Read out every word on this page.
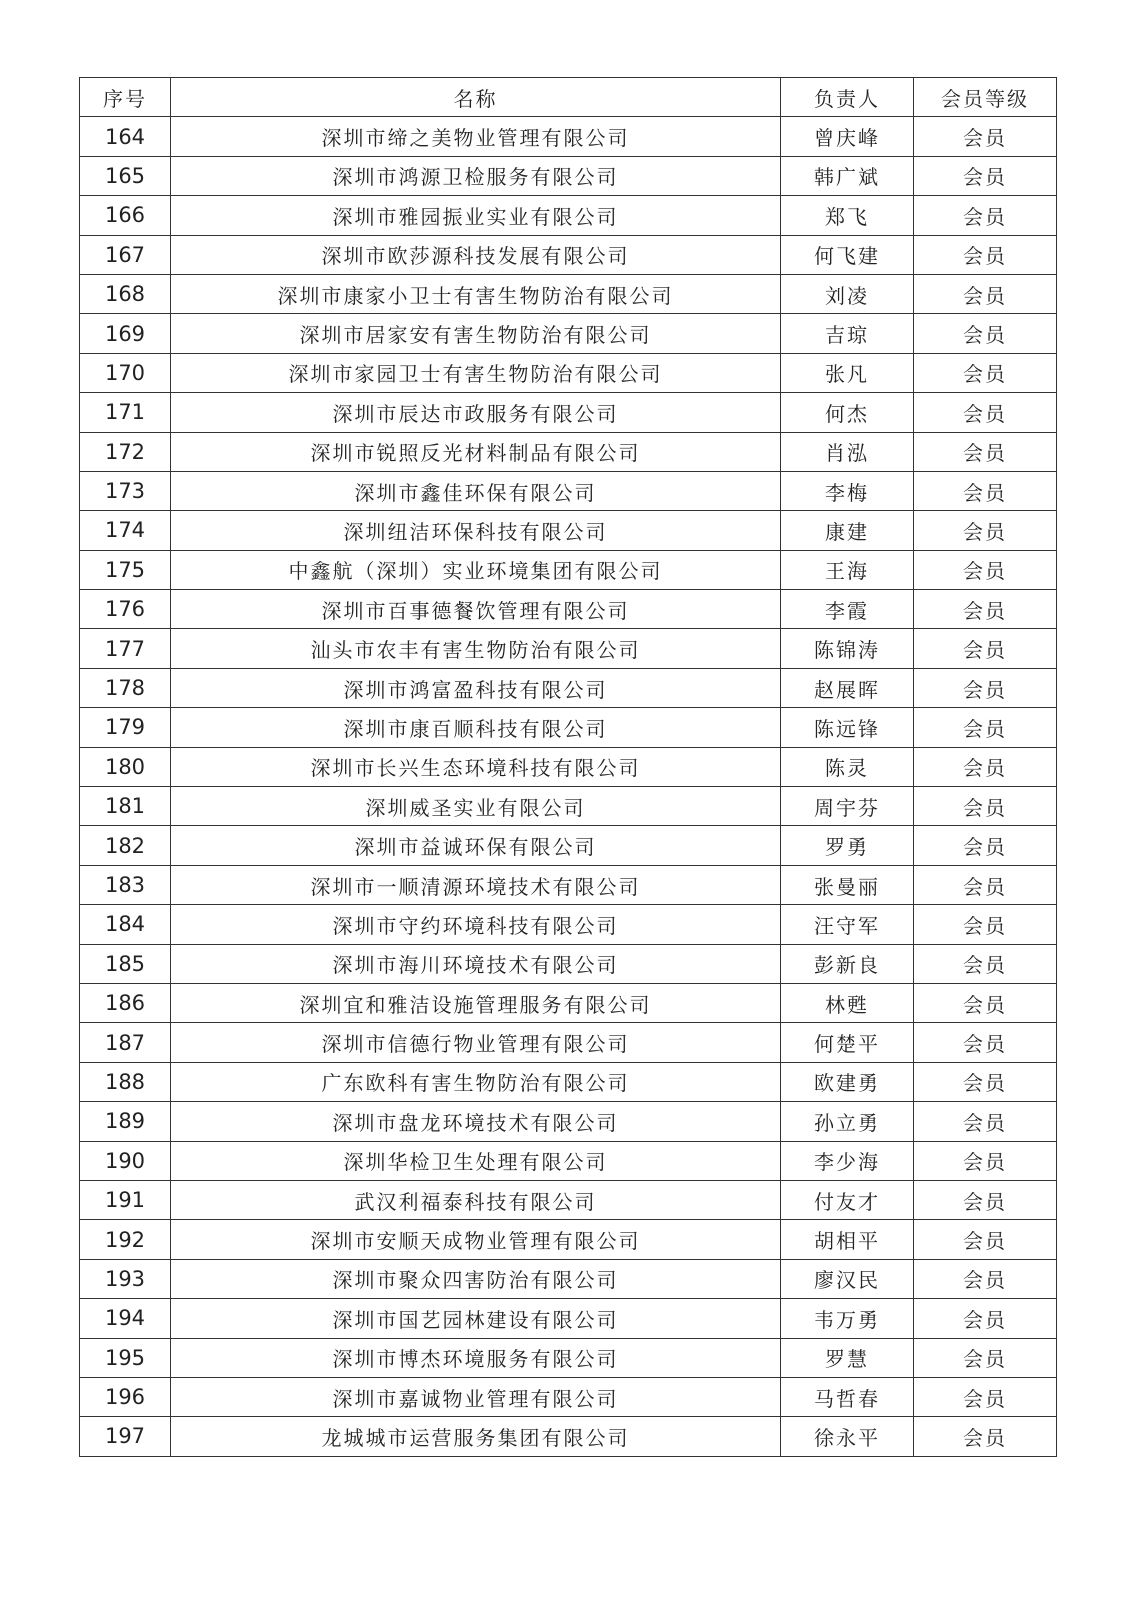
序号	名称	负责人	会员等级
164	深圳市缔之美物业管理有限公司	曾庆峰	会员
165	深圳市鸿源卫检服务有限公司	韩广斌	会员
166	深圳市雅园振业实业有限公司	郑飞	会员
167	深圳市欧莎源科技发展有限公司	何飞建	会员
168	深圳市康家小卫士有害生物防治有限公司	刘凌	会员
169	深圳市居家安有害生物防治有限公司	吉琼	会员
170	深圳市家园卫士有害生物防治有限公司	张凡	会员
171	深圳市辰达市政服务有限公司	何杰	会员
172	深圳市锐照反光材料制品有限公司	肖泓	会员
173	深圳市鑫佳环保有限公司	李梅	会员
174	深圳纽洁环保科技有限公司	康建	会员
175	中鑫航（深圳）实业环境集团有限公司	王海	会员
176	深圳市百事德餐饮管理有限公司	李霞	会员
177	汕头市农丰有害生物防治有限公司	陈锦涛	会员
178	深圳市鸿富盈科技有限公司	赵展晖	会员
179	深圳市康百顺科技有限公司	陈远锋	会员
180	深圳市长兴生态环境科技有限公司	陈灵	会员
181	深圳威圣实业有限公司	周宇芬	会员
182	深圳市益诚环保有限公司	罗勇	会员
183	深圳市一顺清源环境技术有限公司	张曼丽	会员
184	深圳市守约环境科技有限公司	汪守军	会员
185	深圳市海川环境技术有限公司	彭新良	会员
186	深圳宜和雅洁设施管理服务有限公司	林甦	会员
187	深圳市信德行物业管理有限公司	何楚平	会员
188	广东欧科有害生物防治有限公司	欧建勇	会员
189	深圳市盘龙环境技术有限公司	孙立勇	会员
190	深圳华检卫生处理有限公司	李少海	会员
191	武汉利福泰科技有限公司	付友才	会员
192	深圳市安顺天成物业管理有限公司	胡相平	会员
193	深圳市聚众四害防治有限公司	廖汉民	会员
194	深圳市国艺园林建设有限公司	韦万勇	会员
195	深圳市博杰环境服务有限公司	罗慧	会员
196	深圳市嘉诚物业管理有限公司	马哲春	会员
197	龙城城市运营服务集团有限公司	徐永平	会员
